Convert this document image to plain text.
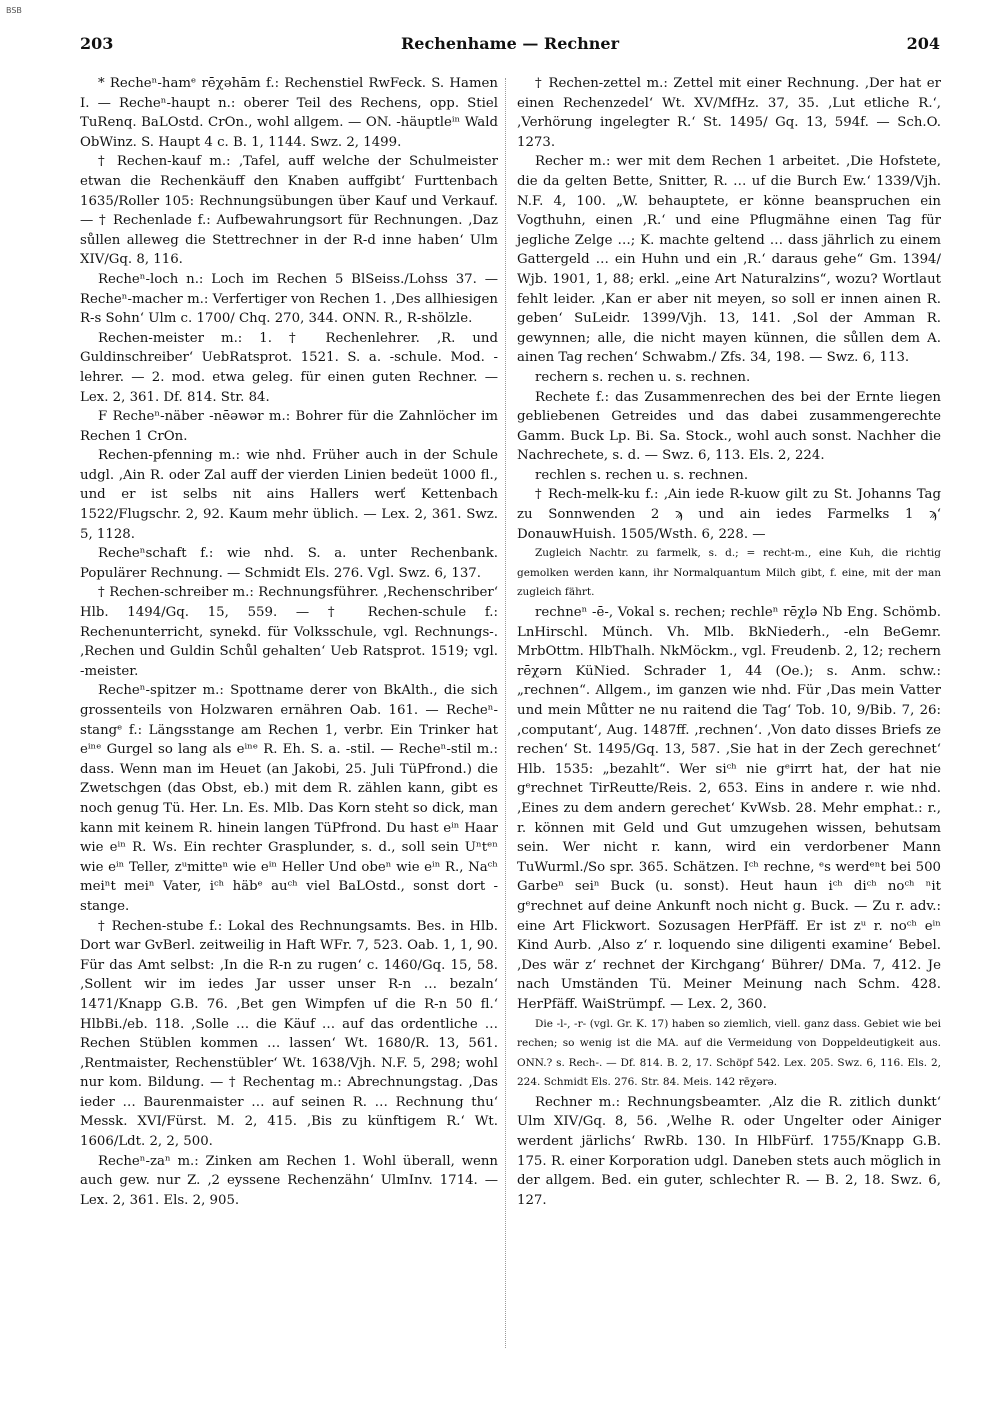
BSB
203	Rechenhame — Rechner	204

* Recheⁿ-hamᵉ rēχəhām f.: Rechenstiel RwFeck. S. Hamen I. — Recheⁿ-haupt n.: oberer Teil des Rechens, opp. Stiel TuRenq. BaLOstd. CrOn., wohl allgem. — ON. -häuptleⁱⁿ Wald ObWinz. S. Haupt 4 c. B. 1, 1144. Swz. 2, 1499.

† Rechen-kauf m.: ‚Tafel, auff welche der Schulmeister etwan die Rechenkäuff den Knaben auffgibt‘ Furttenbach 1635/Roller 105: Rechnungsübungen über Kauf und Verkauf. — † Rechenlade f.: Aufbewahrungsort für Rechnungen. ‚Daz sůllen alleweg die Stettrechner in der R-d inne haben‘ Ulm XIV/Gq. 8, 116.

Recheⁿ-loch n.: Loch im Rechen 5 BlSeiss./Lohss 37. — Recheⁿ-macher m.: Verfertiger von Rechen 1. ‚Des allhiesigen R-s Sohn‘ Ulm c. 1700/ Chq. 270, 344. ONN. R., R-shölzle.

Rechen-meister m.: 1. † Rechenlehrer. ‚R. und Guldinschreiber‘ UebRatsprot. 1521. S. a. -schule. Mod. -lehrer. — 2. mod. etwa geleg. für einen guten Rechner. — Lex. 2, 361. Df. 814. Str. 84.

F Recheⁿ-näber -nēəwər m.: Bohrer für die Zahnlöcher im Rechen 1 CrOn.

Rechen-pfenning m.: wie nhd. Früher auch in der Schule udgl. ‚Ain R. oder Zal auff der vierden Linien bedeüt 1000 fl., und er ist selbs nit ains Hallers werť Kettenbach 1522/Flugschr. 2, 92. Kaum mehr üblich. — Lex. 2, 361. Swz. 5, 1128.

Recheⁿschaft f.: wie nhd. S. a. unter Rechenbank. Populärer Rechnung. — Schmidt Els. 276. Vgl. Swz. 6, 137.

† Rechen-schreiber m.: Rechnungsführer. ‚Rechenschriber‘ Hlb. 1494/Gq. 15, 559. — † Rechen-schule f.: Rechenunterricht, synekd. für Volksschule, vgl. Rechnungs-. ‚Rechen und Guldin Schůl gehalten‘ Ueb Ratsprot. 1519; vgl. -meister.

Recheⁿ-spitzer m.: Spottname derer von BkAlth., die sich grossenteils von Holzwaren ernähren Oab. 161. — Recheⁿ-stangᵉ f.: Längsstange am Rechen 1, verbr. Ein Trinker hat eⁱⁿᵉ Gurgel so lang als eⁱⁿᵉ R. Eh. S. a. -stil. — Recheⁿ-stil m.: dass. Wenn man im Heuet (an Jakobi, 25. Juli TüPfrond.) die Zwetschgen (das Obst, eb.) mit dem R. zählen kann, gibt es noch genug Tü. Her. Ln. Es. Mlb. Das Korn steht so dick, man kann mit keinem R. hinein langen TüPfrond. Du hast eⁱⁿ Haar wie eⁱⁿ R. Ws. Ein rechter Grasplunder, s. d., soll sein Uⁿtᵉⁿ wie eⁱⁿ Teller, zᵘmitteⁿ wie eⁱⁿ Heller Und obeⁿ wie eⁱⁿ R., Naᶜʰ meiⁿt meiⁿ Vater, iᶜʰ häbᵉ auᶜʰ viel BaLOstd., sonst dort -stange.

† Rechen-stube f.: Lokal des Rechnungsamts. Bes. in Hlb. Dort war GvBerl. zeitweilig in Haft WFr. 7, 523. Oab. 1, 1, 90. Für das Amt selbst: ‚In die R-n zu rugen‘ c. 1460/Gq. 15, 58. ‚Sollent wir im iedes Jar usser unser R-n … bezaln‘ 1471/Knapp G.B. 76. ‚Bet gen Wimpfen uf die R-n 50 fl.‘ HlbBi./eb. 118. ‚Solle … die Käuf … auf das ordentliche … Rechen Stüblen kommen … lassen‘ Wt. 1680/R. 13, 561. ‚Rentmaister, Rechenstübler‘ Wt. 1638/Vjh. N.F. 5, 298; wohl nur kom. Bildung. — † Rechentag m.: Abrechnungstag. ‚Das ieder … Baurenmaister … auf seinen R. … Rechnung thu‘ Messk. XVI/Fürst. M. 2, 415. ‚Bis zu künftigem R.‘ Wt. 1606/Ldt. 2, 2, 500.

Recheⁿ-zaⁿ m.: Zinken am Rechen 1. Wohl überall, wenn auch gew. nur Z. ‚2 eyssene Rechenzähn‘ UlmInv. 1714. — Lex. 2, 361. Els. 2, 905.

† Rechen-zettel m.: Zettel mit einer Rechnung. ‚Der hat er einen Rechenzedel‘ Wt. XV/MfHz. 37, 35. ‚Lut etliche R.‘, ‚Verhörung ingelegter R.‘ St. 1495/ Gq. 13, 594f. — Sch.O. 1273.

Recher m.: wer mit dem Rechen 1 arbeitet. ‚Die Hofstete, die da gelten Bette, Snitter, R. … uf die Burch Ew.‘ 1339/Vjh. N.F. 4, 100. „W. behauptete, er könne beanspruchen ein Vogthuhn, einen ‚R.‘ und eine Pflugmähne einen Tag für jegliche Zelge …; K. machte geltend … dass jährlich zu einem Gattergeld … ein Huhn und ein ‚R.‘ daraus gehe“ Gm. 1394/ Wjb. 1901, 1, 88; erkl. „eine Art Naturalzins“, wozu? Wortlaut fehlt leider. ‚Kan er aber nit meyen, so soll er innen ainen R. geben‘ SuLeidr. 1399/Vjh. 13, 141. ‚Sol der Amman R. gewynnen; alle, die nicht mayen künnen, die sůllen dem A. ainen Tag rechen‘ Schwabm./ Zfs. 34, 198. — Swz. 6, 113.

rechern s. rechen u. s. rechnen.

Rechete f.: das Zusammenrechen des bei der Ernte liegen gebliebenen Getreides und das dabei zusammengerechte Gamm. Buck Lp. Bi. Sa. Stock., wohl auch sonst. Nachher die Nachrechete, s. d. — Swz. 6, 113. Els. 2, 224.

rechlen s. rechen u. s. rechnen.

† Rech-melk-ku f.: ‚Ain iede R-kuow gilt zu St. Johanns Tag zu Sonnwenden 2 ϡ und ain iedes Farmelks 1 ϡ‘ DonauwHuish. 1505/Wsth. 6, 228. —

Zugleich Nachtr. zu farmelk, s. d.; = recht-m., eine Kuh, die richtig gemolken werden kann, ihr Normalquantum Milch gibt, f. eine, mit der man zugleich fährt.

rechneⁿ -ē-, Vokal s. rechen; rechleⁿ rēχlə Nb Eng. Schömb. LnHirschl. Münch. Vh. Mlb. BkNiederh., -eln BeGemr. MrbOttm. HlbThalh. NkMöckm., vgl. Freudenb. 2, 12; rechern rēχərn KüNied. Schrader 1, 44 (Oe.); s. Anm. schw.: „rechnen“. Allgem., im ganzen wie nhd. Für ‚Das mein Vatter und mein Můtter ne nu raitend die Tag‘ Tob. 10, 9/Bib. 7, 26: ‚computant‘, Aug. 1487ff. ‚rechnen‘. ‚Von dato disses Briefs ze rechen‘ St. 1495/Gq. 13, 587. ‚Sie hat in der Zech gerechnet‘ Hlb. 1535: „bezahlt“. Wer siᶜʰ nie gᵉirrt hat, der hat nie gᵉrechnet TirReutte/Reis. 2, 653. Eins in andere r. wie nhd. ‚Eines zu dem andern gerechet‘ KvWsb. 28. Mehr emphat.: r., r. können mit Geld und Gut umzugehen wissen, behutsam sein. Wer nicht r. kann, wird ein verdorbener Mann TuWurml./So spr. 365. Schätzen. Iᶜʰ rechne, ᵉs werdᵉⁿt bei 500 Garbeⁿ seiⁿ Buck (u. sonst). Heut haun iᶜʰ diᶜʰ noᶜʰ ⁿit gᵉrechnet auf deine Ankunft noch nicht g. Buck. — Zu r. adv.: eine Art Flickwort. Sozusagen HerPfäff. Er ist zᵘ r. noᶜʰ eⁱⁿ Kind Aurb. ‚Also z‘ r. loquendo sine diligenti examine‘ Bebel. ‚Des wär z‘ rechnet der Kirchgang‘ Bührer/ DMa. 7, 412. Je nach Umständen Tü. Meiner Meinung nach Schm. 428. HerPfäff. WaiStrümpf. — Lex. 2, 360.

Die -l-, -r- (vgl. Gr. K. 17) haben so ziemlich, viell. ganz dass. Gebiet wie bei rechen; so wenig ist die MA. auf die Vermeidung von Doppeldeutigkeit aus. ONN.? s. Rech-. — Df. 814. B. 2, 17. Schöpf 542. Lex. 205. Swz. 6, 116. Els. 2, 224. Schmidt Els. 276. Str. 84. Meis. 142 rēχərə.

Rechner m.: Rechnungsbeamter. ‚Alz die R. zitlich dunkt‘ Ulm XIV/Gq. 8, 56. ‚Welhe R. oder Ungelter oder Ainiger werdent järlichs‘ RwRb. 130. In HlbFürf. 1755/Knapp G.B. 175. R. einer Korporation udgl. Daneben stets auch möglich in der allgem. Bed. ein guter, schlechter R. — B. 2, 18. Swz. 6, 127.
